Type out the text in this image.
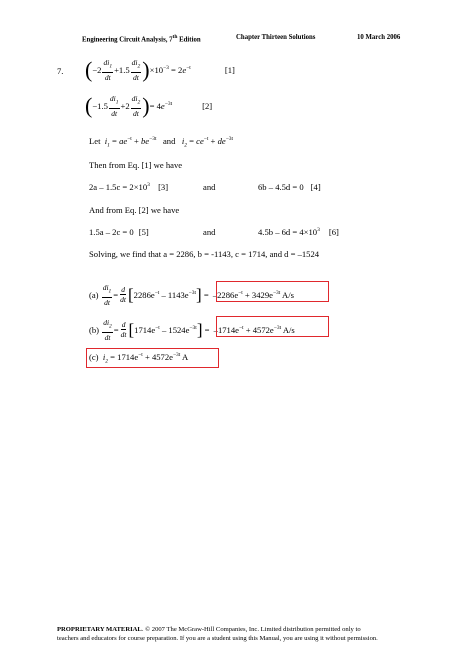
Engineering Circuit Analysis, 7th Edition	Chapter Thirteen Solutions	10 March 2006
7. ( $-2 \frac{di_1}{dt} +1.5 \frac{di_2}{dt}$ ) $\times 10^{-3} = 2e^{-t}$	[1]
( $-1.5 \frac{di_1}{dt} +2 \frac{di_2}{dt}$ ) = $4e^{-3t}$	[2]
Let  $i_1 = ae^{-t} + be^{-3t}$ and $i_2 = ce^{-t} + de^{-3t}$
Then from Eq. [1] we have
$2a - 1.5c = 2\times 10^3$ [3]	and	6b – 4.5d = 0 [4]
And from Eq. [2] we have
1.5a – 2c = 0 [5]	and	$4.5b - 6d = 4\times 10^3$ [6]
Solving, we find that a = 2286, b = -1143, c = 1714, and d = –1524
(a)
$\frac{di_1}{dt} = \frac{d}{dt}$ [ $2286e^{-t} - 1143e^{-3t}$ ] = $-2286e^{-t} + 3429e^{-3t}$ A/s
(b)
$\frac{di_2}{dt} = \frac{d}{dt}$ [ $1714e^{-t} - 1524e^{-3t}$ ] = $-1714e^{-t} + 4572e^{-3t}$ A/s
(c) $i_2 = 1714e^{-t} + 4572e^{-3t}$ A
PROPRIETARY MATERIAL. © 2007 The McGraw-Hill Companies, Inc. Limited distribution permitted only to
teachers and educators for course preparation. If you are a student using this Manual, you are using it without permission.
